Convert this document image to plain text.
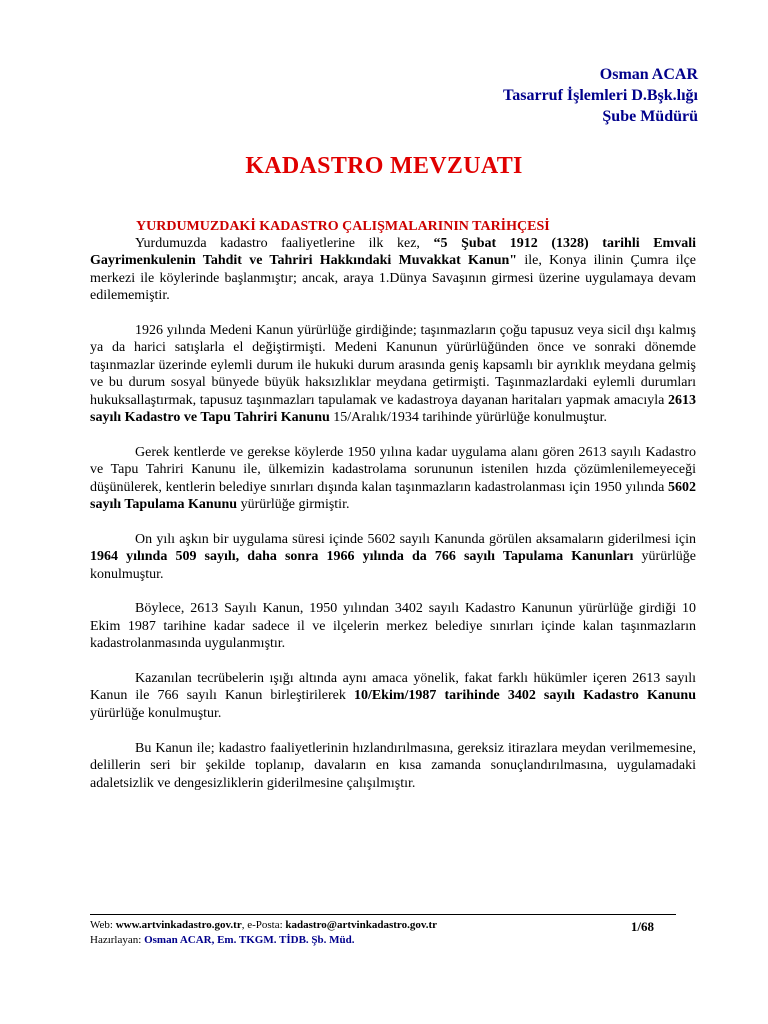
Osman ACAR
Tasarruf İşlemleri D.Bşk.lığı
Şube Müdürü
KADASTRO MEVZUATI
YURDUMUZDAKİ KADASTRO ÇALIŞMALARININ TARİHÇESİ

Yurdumuzda kadastro faaliyetlerine ilk kez, “5 Şubat 1912 (1328) tarihli Emvali Gayrimenkulenin Tahdit ve Tahriri Hakkındaki Muvakkat Kanun" ile, Konya ilinin Çumra ilçe merkezi ile köylerinde başlanmıştır; ancak, araya 1.Dünya Savaşının girmesi üzerine uygulamaya devam edilememiştir.

1926 yılında Medeni Kanun yürürlüğe girdiğinde; taşınmazların çoğu tapusuz veya sicil dışı kalmış ya da harici satışlarla el değiştirmişti. Medeni Kanunun yürürlüğünden önce ve sonraki dönemde taşınmazlar üzerinde eylemli durum ile hukuki durum arasında geniş kapsamlı bir ayrıklık meydana gelmiş ve bu durum sosyal bünyede büyük haksızlıklar meydana getirmişti. Taşınmazlardaki eylemli durumları hukuksallaştırmak, tapusuz taşınmazları tapulamak ve kadastroya dayanan haritaları yapmak amacıyla 2613 sayılı Kadastro ve Tapu Tahriri Kanunu 15/Aralık/1934 tarihinde yürürlüğe konulmuştur.

Gerek kentlerde ve gerekse köylerde 1950 yılına kadar uygulama alanı gören 2613 sayılı Kadastro ve Tapu Tahriri Kanunu ile, ülkemizin kadastrolama sorununun istenilen hızda çözümlenilemeyeceği düşünülerek, kentlerin belediye sınırları dışında kalan taşınmazların kadastrolanması için 1950 yılında 5602 sayılı Tapulama Kanunu yürürlüğe girmiştir.

On yılı aşkın bir uygulama süresi içinde 5602 sayılı Kanunda görülen aksamaların giderilmesi için 1964 yılında 509 sayılı, daha sonra 1966 yılında da 766 sayılı Tapulama Kanunları yürürlüğe konulmuştur.

Böylece, 2613 Sayılı Kanun, 1950 yılından 3402 sayılı Kadastro Kanunun yürürlüğe girdiği 10 Ekim 1987 tarihine kadar sadece il ve ilçelerin merkez belediye sınırları içinde kalan taşınmazların kadastrolanmasında uygulanmıştır.

Kazanılan tecrübelerin ışığı altında aynı amaca yönelik, fakat farklı hükümler içeren 2613 sayılı Kanun ile 766 sayılı Kanun birleştirilerek 10/Ekim/1987 tarihinde 3402 sayılı Kadastro Kanunu yürürlüğe konulmuştur.

Bu Kanun ile; kadastro faaliyetlerinin hızlandırılmasına, gereksiz itirazlara meydan verilmemesine, delillerin seri bir şekilde toplanıp, davaların en kısa zamanda sonuçlandırılmasına, uygulamadaki adaletsizlik ve dengesizliklerin giderilmesine çalışılmıştır.

Web: www.artvinkadastro.gov.tr, e-Posta: kadastro@artvinkadastro.gov.tr
Hazırlayan: Osman ACAR, Em. TKGM. TİDB. Şb. Müd.
1/68
